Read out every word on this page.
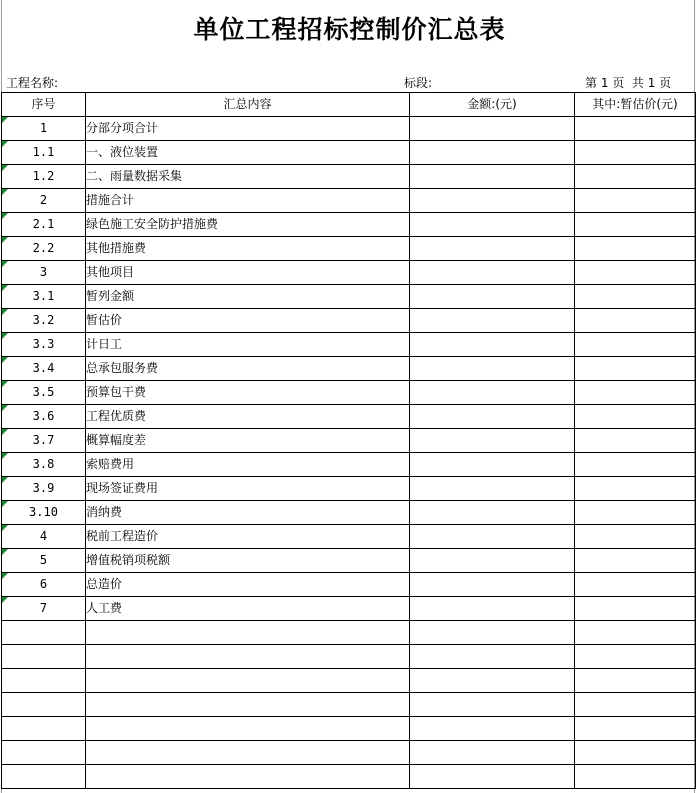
单位工程招标控制价汇总表
工程名称:	标段:	第 1 页  共 1 页
序号	汇总内容	金额:(元)	其中:暂估价(元)

1	分部分项合计		

1.1	一、液位装置		

1.2	二、雨量数据采集		

2	措施合计		

2.1	绿色施工安全防护措施费		

2.2	其他措施费		

3	其他项目		

3.1	暂列金额		

3.2	暂估价		

3.3	计日工		

3.4	总承包服务费		

3.5	预算包干费		

3.6	工程优质费		

3.7	概算幅度差		

3.8	索赔费用		

3.9	现场签证费用		

3.10	消纳费		

4	税前工程造价		

5	增值税销项税额		

6	总造价		

7	人工费		
